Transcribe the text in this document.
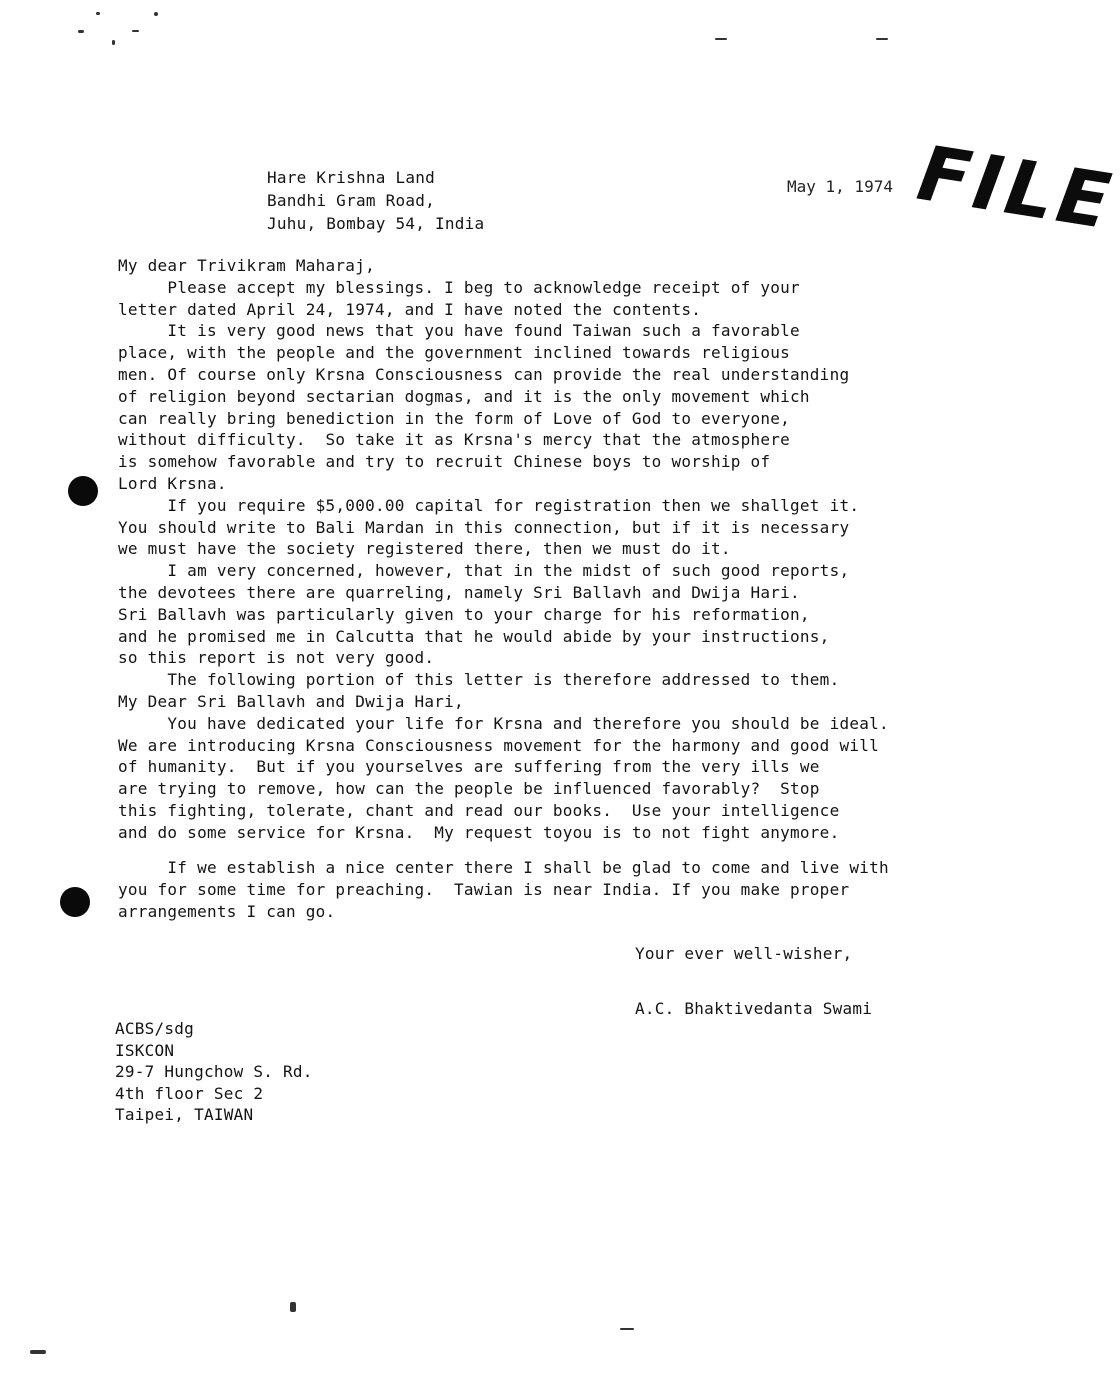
FILE
May 1, 1974
Hare Krishna Land
Bandhi Gram Road,
Juhu, Bombay 54, India
My dear Trivikram Maharaj,
Please accept my blessings. I beg to acknowledge receipt of your
letter dated April 24, 1974, and I have noted the contents.
It is very good news that you have found Taiwan such a favorable
place, with the people and the government inclined towards religious
men. Of course only Krsna Consciousness can provide the real understanding
of religion beyond sectarian dogmas, and it is the only movement which
can really bring benediction in the form of Love of God to everyone,
without difficulty.  So take it as Krsna's mercy that the atmosphere
is somehow favorable and try to recruit Chinese boys to worship of
Lord Krsna.
If you require $5,000.00 capital for registration then we shallget it.
You should write to Bali Mardan in this connection, but if it is necessary
we must have the society registered there, then we must do it.
I am very concerned, however, that in the midst of such good reports,
the devotees there are quarreling, namely Sri Ballavh and Dwija Hari.
Sri Ballavh was particularly given to your charge for his reformation,
and he promised me in Calcutta that he would abide by your instructions,
so this report is not very good.
The following portion of this letter is therefore addressed to them.
My Dear Sri Ballavh and Dwija Hari,
You have dedicated your life for Krsna and therefore you should be ideal.
We are introducing Krsna Consciousness movement for the harmony and good will
of humanity.  But if you yourselves are suffering from the very ills we
are trying to remove, how can the people be influenced favorably?  Stop
this fighting, tolerate, chant and read our books.  Use your intelligence
and do some service for Krsna.  My request toyou is to not fight anymore.
If we establish a nice center there I shall be glad to come and live with
you for some time for preaching.  Tawian is near India. If you make proper
arrangements I can go.
Your ever well-wisher,
A.C. Bhaktivedanta Swami
ACBS/sdg
ISKCON
29-7 Hungchow S. Rd.
4th floor Sec 2
Taipei, TAIWAN
